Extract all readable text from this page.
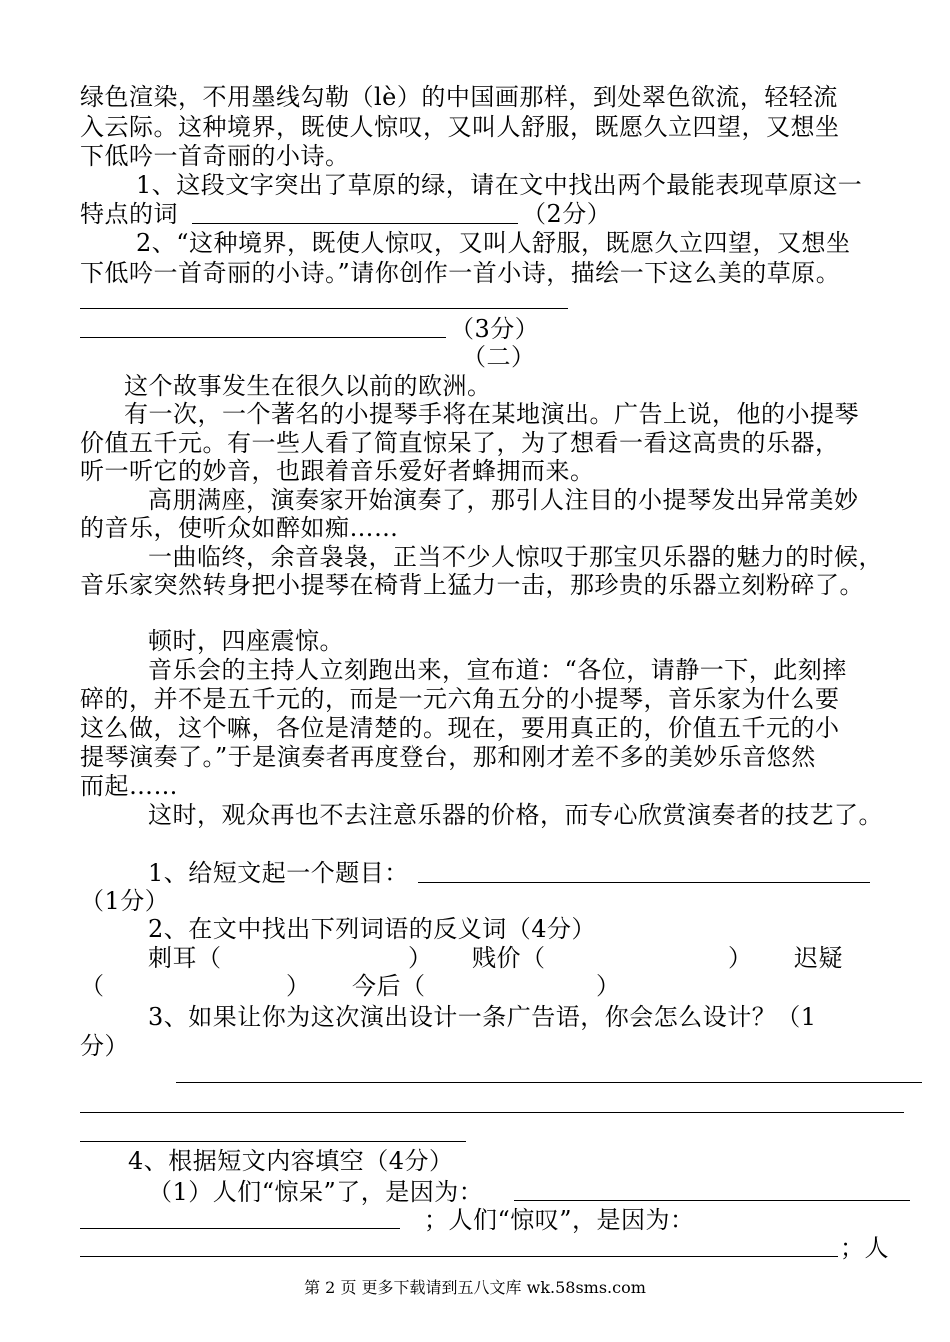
绿色渲染，不用墨线勾勒（lè）的中国画那样，到处翠色欲流，轻轻流
入云际。这种境界，既使人惊叹，又叫人舒服，既愿久立四望，又想坐
下低吟一首奇丽的小诗。
1、这段文字突出了草原的绿，请在文中找出两个最能表现草原这一
特点的词	（2分）
2、“这种境界，既使人惊叹，又叫人舒服，既愿久立四望，又想坐
下低吟一首奇丽的小诗。”请你创作一首小诗，描绘一下这么美的草原。
（3分）
（二）
这个故事发生在很久以前的欧洲。
有一次，一个著名的小提琴手将在某地演出。广告上说，他的小提琴
价值五千元。有一些人看了简直惊呆了，为了想看一看这高贵的乐器，
听一听它的妙音，也跟着音乐爱好者蜂拥而来。
高朋满座，演奏家开始演奏了，那引人注目的小提琴发出异常美妙
的音乐，使听众如醉如痴……
一曲临终，余音袅袅，正当不少人惊叹于那宝贝乐器的魅力的时候，
音乐家突然转身把小提琴在椅背上猛力一击，那珍贵的乐器立刻粉碎了。
顿时，四座震惊。
音乐会的主持人立刻跑出来，宣布道：“各位，请静一下，此刻摔
碎的，并不是五千元的，而是一元六角五分的小提琴，音乐家为什么要
这么做，这个嘛，各位是清楚的。现在，要用真正的，价值五千元的小
提琴演奏了。”于是演奏者再度登台，那和刚才差不多的美妙乐音悠然
而起……
这时，观众再也不去注意乐器的价格，而专心欣赏演奏者的技艺了。
1、给短文起一个题目：
（1分）
2、在文中找出下列词语的反义词（4分）
刺耳（	） 贱价（	） 迟疑
（	） 今后（	）
3、如果让你为这次演出设计一条广告语，你会怎么设计？（1
分）
4、根据短文内容填空（4分）
（1）人们“惊呆”了，是因为：
；人们“惊叹”，是因为：
；人
第 2 页 更多下载请到五八文库 wk.58sms.com
